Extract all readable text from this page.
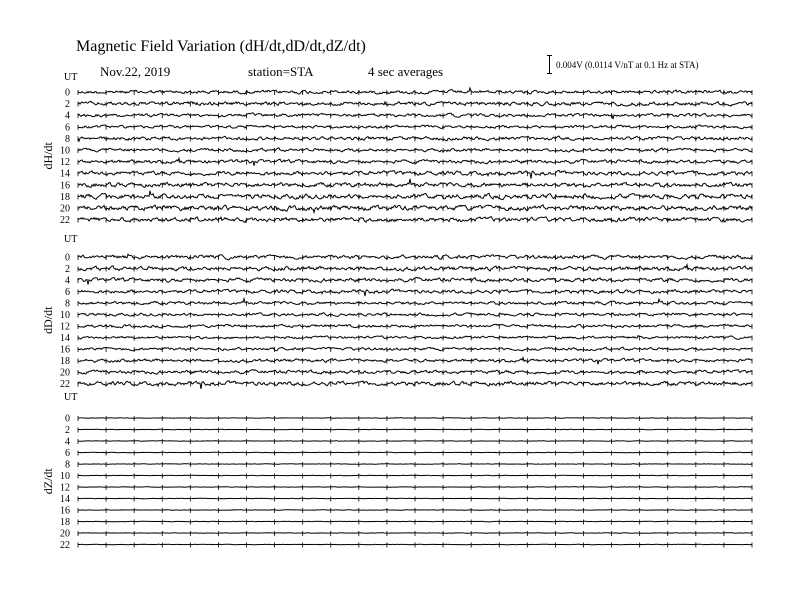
Magnetic Field Variation (dH/dt,dD/dt,dZ/dt)
Nov.22, 2019	station=STA	4 sec averages	0.004V (0.0114 V/nT at 0.1 Hz at STA)
UT
dH/dt
0
2
4
6
8
10
12
14
16
18
20
22
UT
dD/dt
0
2
4
6
8
10
12
14
16
18
20
22
UT
dZ/dt
0
2
4
6
8
10
12
14
16
18
20
22
